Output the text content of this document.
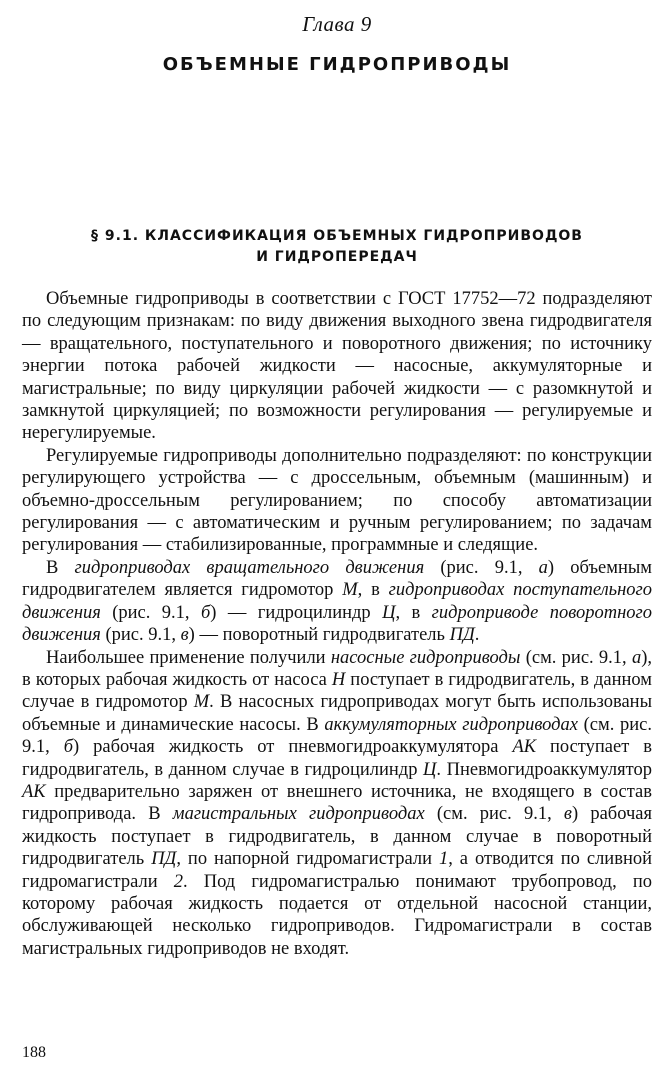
Глава 9
ОБЪЕМНЫЕ ГИДРОПРИВОДЫ
§ 9.1. КЛАССИФИКАЦИЯ ОБЪЕМНЫХ ГИДРОПРИВОДОВ
И ГИДРОПЕРЕДАЧ

Объемные гидроприводы в соответствии с ГОСТ 17752—72 подразделяют по следующим признакам: по виду движения выходного звена гидродвигателя — вращательного, поступательного и поворотного движения; по источнику энергии потока рабочей жидкости — насосные, аккумуляторные и магистральные; по виду циркуляции рабочей жидкости — с разомкнутой и замкнутой циркуляцией; по возможности регулирования — регулируемые и нерегулируемые.

Регулируемые гидроприводы дополнительно подразделяют: по конструкции регулирующего устройства — с дроссельным, объемным (машинным) и объемно-дроссельным регулированием; по способу автоматизации регулирования — с автоматическим и ручным регулированием; по задачам регулирования — стабилизированные, программные и следящие.

В гидроприводах вращательного движения (рис. 9.1, а) объемным гидродвигателем является гидромотор М, в гидроприводах поступательного движения (рис. 9.1, б) — гидроцилиндр Ц, в гидроприводе поворотного движения (рис. 9.1, в) — поворотный гидродвигатель ПД.

Наибольшее применение получили насосные гидроприводы (см. рис. 9.1, а), в которых рабочая жидкость от насоса Н поступает в гидродвигатель, в данном случае в гидромотор М. В насосных гидроприводах могут быть использованы объемные и динамические насосы. В аккумуляторных гидроприводах (см. рис. 9.1, б) рабочая жидкость от пневмогидроаккумулятора АК поступает в гидродвигатель, в данном случае в гидроцилиндр Ц. Пневмогидроаккумулятор АК предварительно заряжен от внешнего источника, не входящего в состав гидропривода. В магистральных гидроприводах (см. рис. 9.1, в) рабочая жидкость поступает в гидродвигатель, в данном случае в поворотный гидродвигатель ПД, по напорной гидромагистрали 1, а отводится по сливной гидромагистрали 2. Под гидромагистралью понимают трубопровод, по которому рабочая жидкость подается от отдельной насосной станции, обслуживающей несколько гидроприводов. Гидромагистрали в состав магистральных гидроприводов не входят.

188
